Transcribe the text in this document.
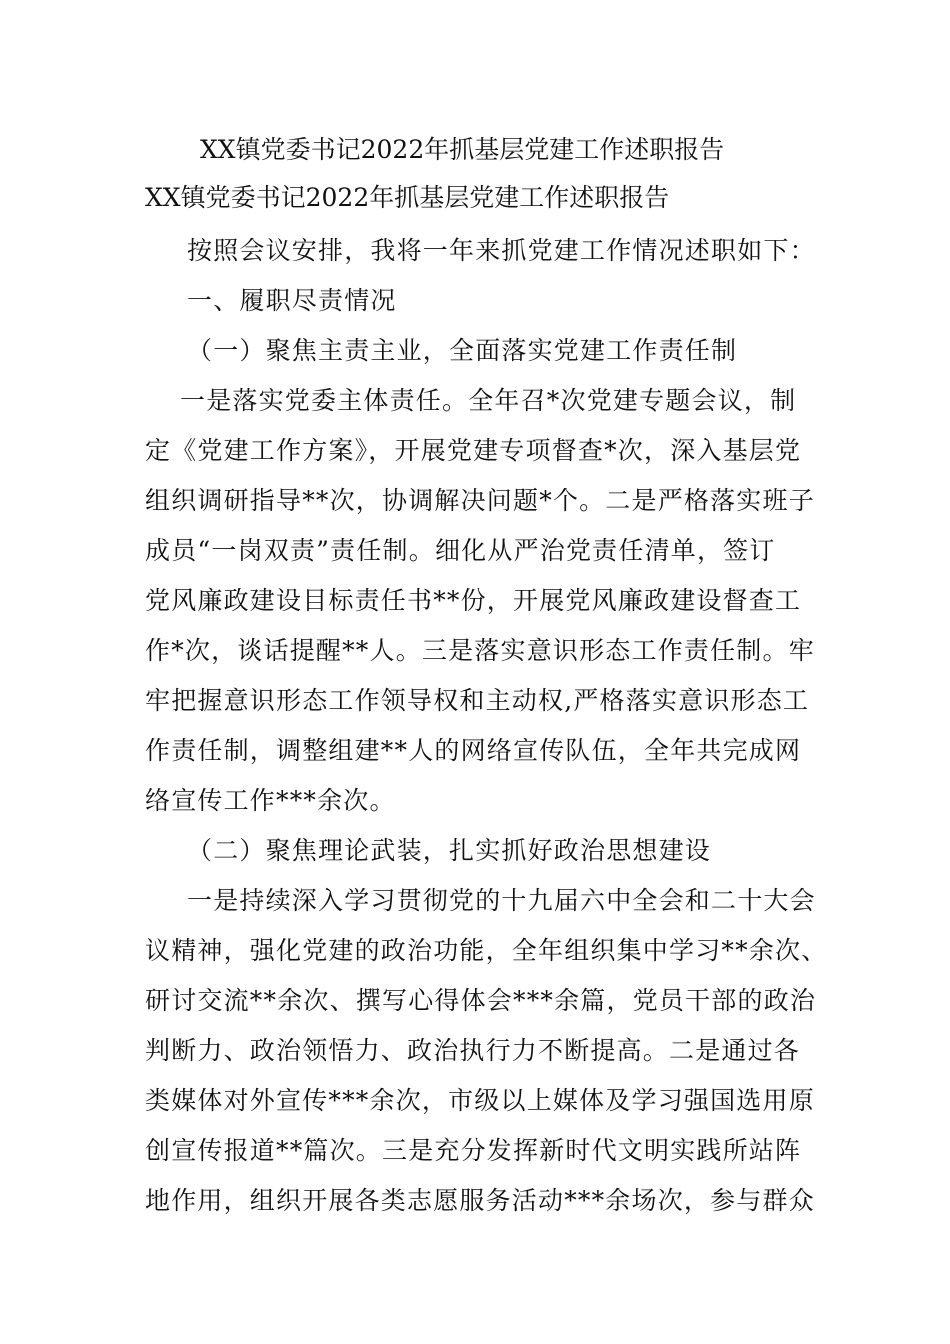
XX镇党委书记2022年抓基层党建工作述职报告
XX镇党委书记2022年抓基层党建工作述职报告
按照会议安排，我将一年来抓党建工作情况述职如下：
一、履职尽责情况
（一）聚焦主责主业，全面落实党建工作责任制
一是落实党委主体责任。全年召*次党建专题会议，制
定《党建工作方案》，开展党建专项督查*次，深入基层党
组织调研指导**次，协调解决问题*个。二是严格落实班子
成员“一岗双责”责任制。细化从严治党责任清单，签订
党风廉政建设目标责任书**份，开展党风廉政建设督查工
作*次，谈话提醒**人。三是落实意识形态工作责任制。牢
牢把握意识形态工作领导权和主动权,严格落实意识形态工
作责任制，调整组建**人的网络宣传队伍，全年共完成网
络宣传工作***余次。
（二）聚焦理论武装，扎实抓好政治思想建设
一是持续深入学习贯彻党的十九届六中全会和二十大会
议精神，强化党建的政治功能，全年组织集中学习**余次、
研讨交流**余次、撰写心得体会***余篇，党员干部的政治
判断力、政治领悟力、政治执行力不断提高。二是通过各
类媒体对外宣传***余次，市级以上媒体及学习强国选用原
创宣传报道**篇次。三是充分发挥新时代文明实践所站阵
地作用，组织开展各类志愿服务活动***余场次，参与群众
